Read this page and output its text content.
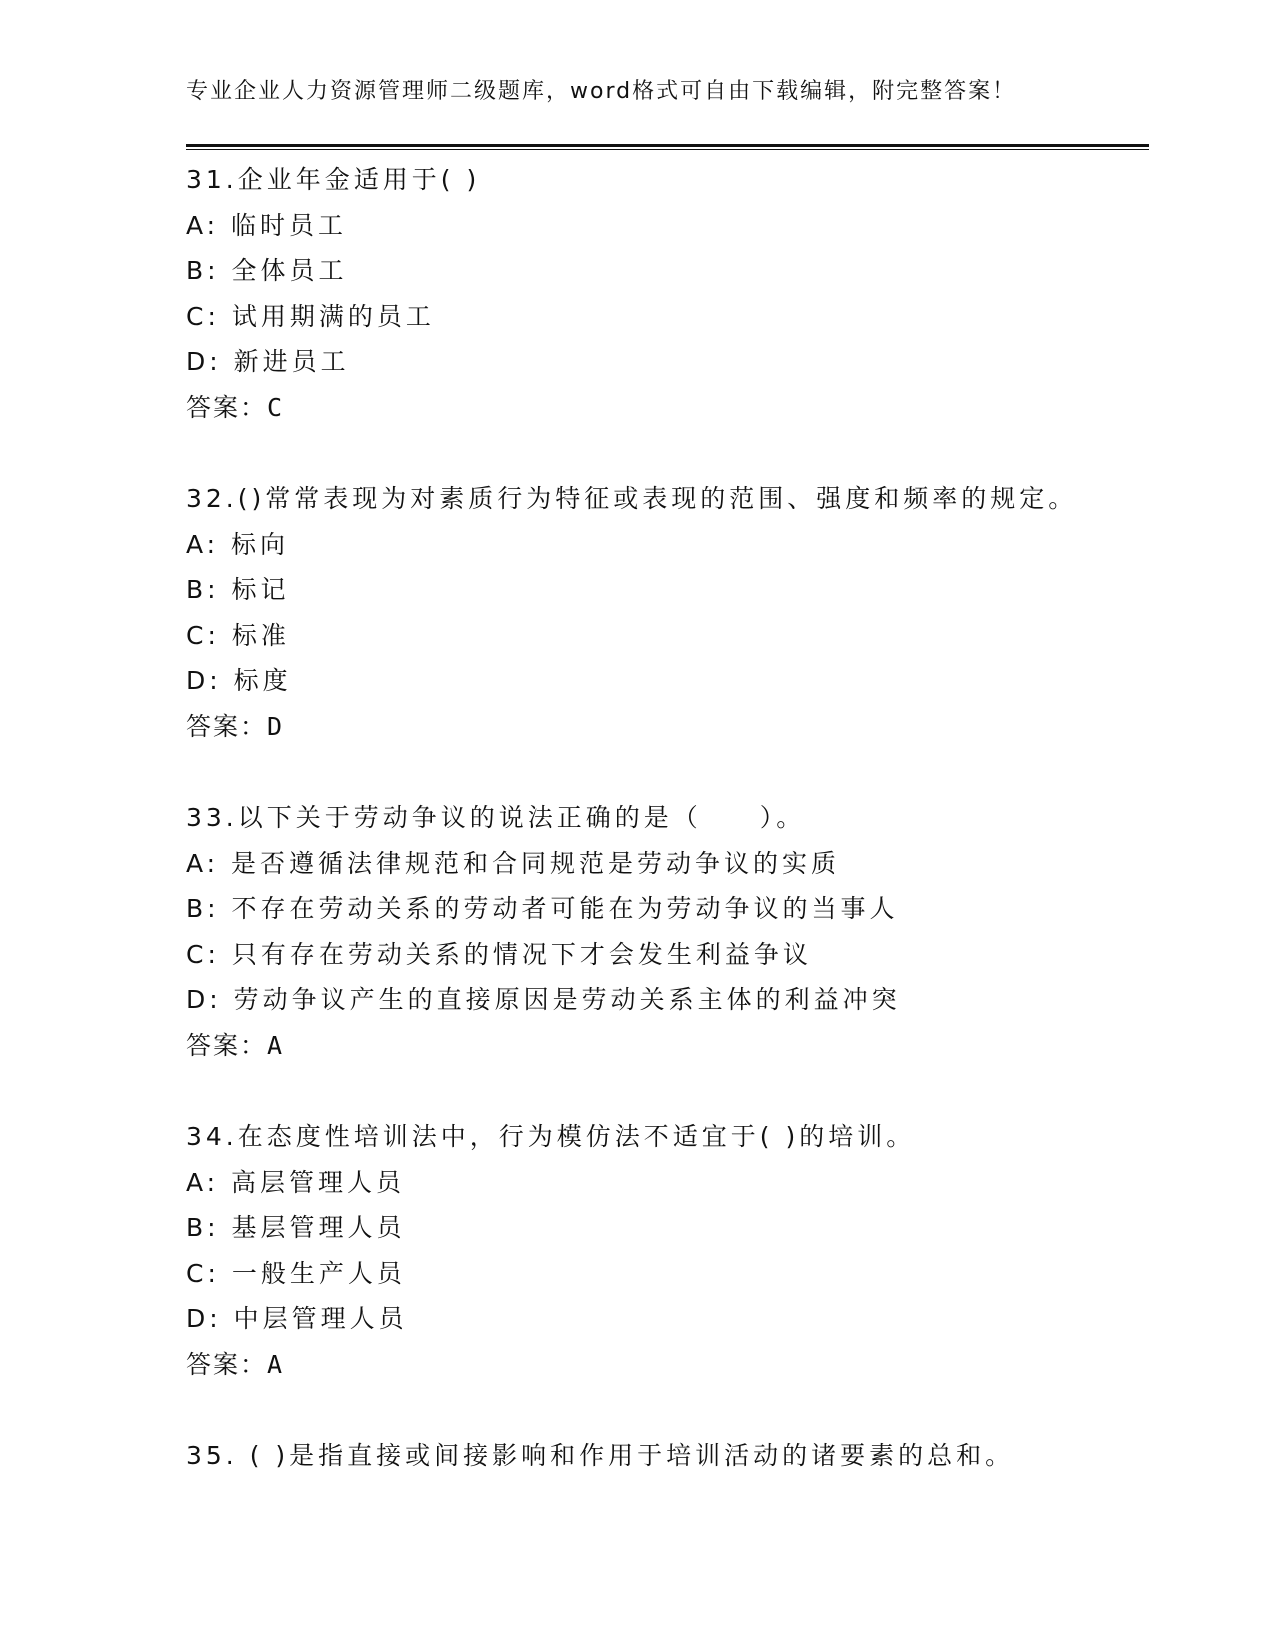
专业企业人力资源管理师二级题库，word格式可自由下载编辑，附完整答案！
31.企业年金适用于( )
A: 临时员工
B: 全体员工
C: 试用期满的员工
D: 新进员工
答案：C
32.()常常表现为对素质行为特征或表现的范围、强度和频率的规定。
A: 标向
B: 标记
C: 标准
D: 标度
答案：D
33.以下关于劳动争议的说法正确的是（　　）。
A: 是否遵循法律规范和合同规范是劳动争议的实质
B: 不存在劳动关系的劳动者可能在为劳动争议的当事人
C: 只有存在劳动关系的情况下才会发生利益争议
D: 劳动争议产生的直接原因是劳动关系主体的利益冲突
答案：A
34.在态度性培训法中，行为模仿法不适宜于( )的培训。
A: 高层管理人员
B: 基层管理人员
C: 一般生产人员
D: 中层管理人员
答案：A
35. ( )是指直接或间接影响和作用于培训活动的诸要素的总和。
